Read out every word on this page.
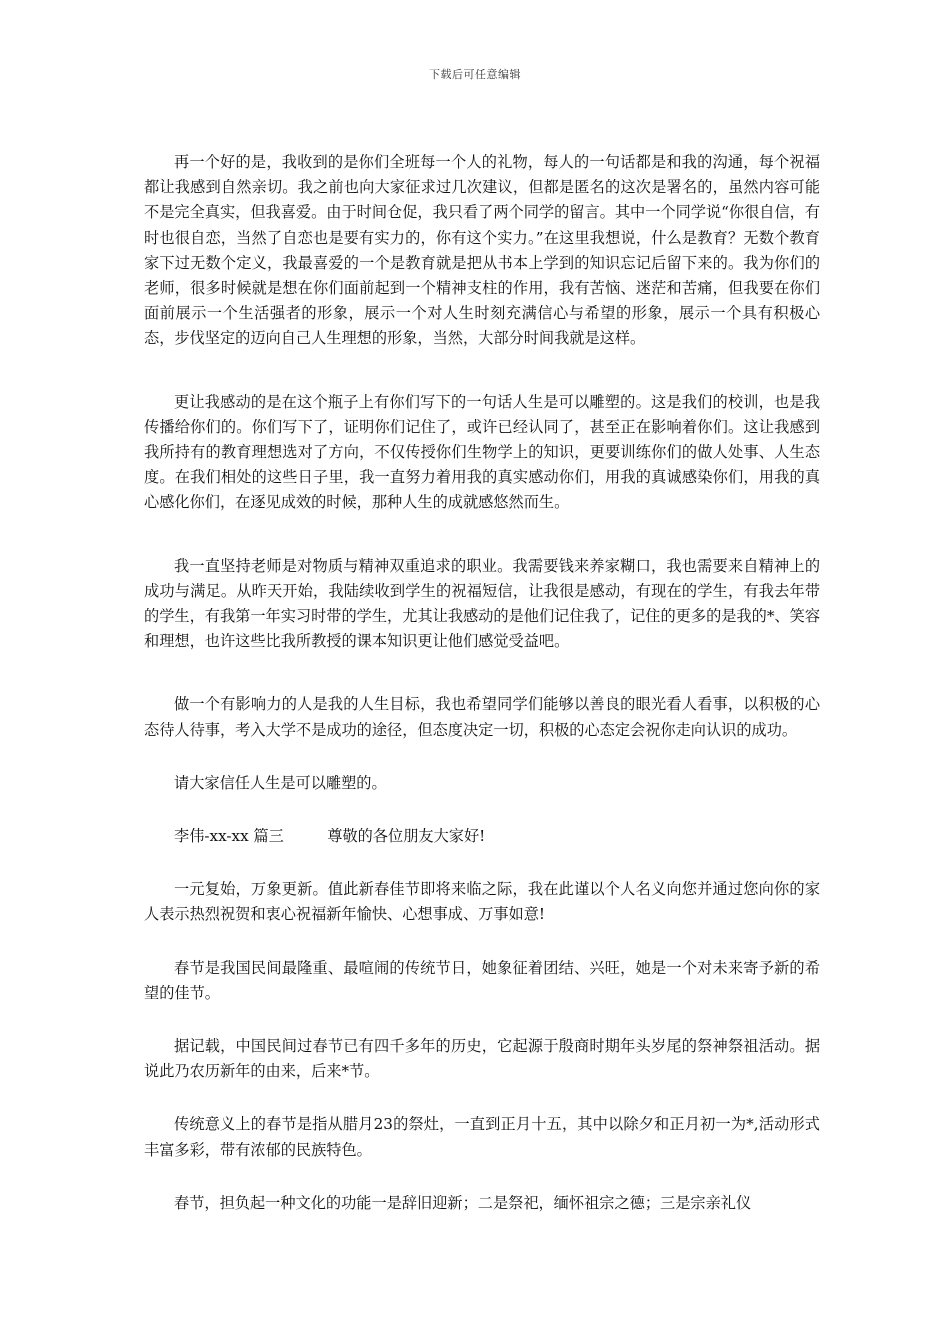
下载后可任意编辑

再一个好的是，我收到的是你们全班每一个人的礼物，每人的一句话都是和我的沟通，每个祝福都让我感到自然亲切。我之前也向大家征求过几次建议，但都是匿名的这次是署名的，虽然内容可能不是完全真实，但我喜爱。由于时间仓促，我只看了两个同学的留言。其中一个同学说“你很自信，有时也很自恋，当然了自恋也是要有实力的，你有这个实力。”在这里我想说，什么是教育？无数个教育家下过无数个定义，我最喜爱的一个是教育就是把从书本上学到的知识忘记后留下来的。我为你们的老师，很多时候就是想在你们面前起到一个精神支柱的作用，我有苦恼、迷茫和苦痛，但我要在你们面前展示一个生活强者的形象，展示一个对人生时刻充满信心与希望的形象，展示一个具有积极心态，步伐坚定的迈向自己人生理想的形象，当然，大部分时间我就是这样。

更让我感动的是在这个瓶子上有你们写下的一句话人生是可以雕塑的。这是我们的校训，也是我传播给你们的。你们写下了，证明你们记住了，或许已经认同了，甚至正在影响着你们。这让我感到我所持有的教育理想选对了方向，不仅传授你们生物学上的知识，更要训练你们的做人处事、人生态度。在我们相处的这些日子里，我一直努力着用我的真实感动你们，用我的真诚感染你们，用我的真心感化你们，在逐见成效的时候，那种人生的成就感悠然而生。

我一直坚持老师是对物质与精神双重追求的职业。我需要钱来养家糊口，我也需要来自精神上的成功与满足。从昨天开始，我陆续收到学生的祝福短信，让我很是感动，有现在的学生，有我去年带的学生，有我第一年实习时带的学生，尤其让我感动的是他们记住我了，记住的更多的是我的*、笑容和理想，也许这些比我所教授的课本知识更让他们感觉受益吧。

做一个有影响力的人是我的人生目标，我也希望同学们能够以善良的眼光看人看事，以积极的心态待人待事，考入大学不是成功的途径，但态度决定一切，积极的心态定会祝你走向认识的成功。

请大家信任人生是可以雕塑的。

李伟-xx-xx 篇三	尊敬的各位朋友大家好!

一元复始，万象更新。值此新春佳节即将来临之际，我在此谨以个人名义向您并通过您向你的家人表示热烈祝贺和衷心祝福新年愉快、心想事成、万事如意!

春节是我国民间最隆重、最喧闹的传统节日，她象征着团结、兴旺，她是一个对未来寄予新的希望的佳节。

据记载，中国民间过春节已有四千多年的历史，它起源于殷商时期年头岁尾的祭神祭祖活动。据说此乃农历新年的由来，后来*节。

传统意义上的春节是指从腊月23的祭灶，一直到正月十五，其中以除夕和正月初一为*,活动形式丰富多彩，带有浓郁的民族特色。

春节，担负起一种文化的功能一是辞旧迎新；二是祭祀，缅怀祖宗之德；三是宗亲礼仪
